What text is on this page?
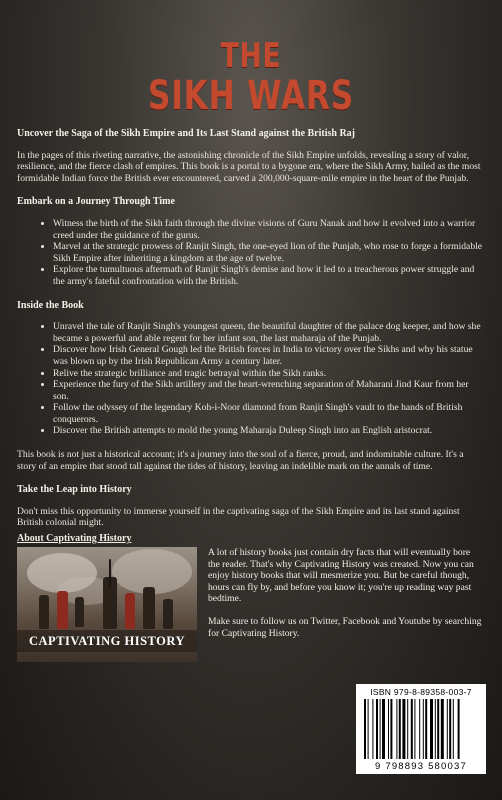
THE
SIKH WARS
Uncover the Saga of the Sikh Empire and Its Last Stand against the British Raj

In the pages of this riveting narrative, the astonishing chronicle of the Sikh Empire unfolds, revealing a story of valor, resilience, and the fierce clash of empires. This book is a portal to a bygone era, where the Sikh Army, hailed as the most formidable Indian force the British ever encountered, carved a 200,000-square-mile empire in the heart of the Punjab.

Embark on a Journey Through Time
• Witness the birth of the Sikh faith through the divine visions of Guru Nanak and how it evolved into a warrior creed under the guidance of the gurus.
• Marvel at the strategic prowess of Ranjit Singh, the one-eyed lion of the Punjab, who rose to forge a formidable Sikh Empire after inheriting a kingdom at the age of twelve.
• Explore the tumultuous aftermath of Ranjit Singh's demise and how it led to a treacherous power struggle and the army's fateful confrontation with the British.
Inside the Book
• Unravel the tale of Ranjit Singh's youngest queen, the beautiful daughter of the palace dog keeper, and how she became a powerful and able regent for her infant son, the last maharaja of the Punjab.
• Discover how Irish General Gough led the British forces in India to victory over the Sikhs and why his statue was blown up by the Irish Republican Army a century later.
• Relive the strategic brilliance and tragic betrayal within the Sikh ranks.
• Experience the fury of the Sikh artillery and the heart-wrenching separation of Maharani Jind Kaur from her son.
• Follow the odyssey of the legendary Koh-i-Noor diamond from Ranjit Singh's vault to the hands of British conquerors.
• Discover the British attempts to mold the young Maharaja Duleep Singh into an English aristocrat.

This book is not just a historical account; it's a journey into the soul of a fierce, proud, and indomitable culture. It's a story of an empire that stood tall against the tides of history, leaving an indelible mark on the annals of time.

Take the Leap into History

Don't miss this opportunity to immerse yourself in the captivating saga of the Sikh Empire and its last stand against British colonial might.

About Captivating History
CAPTIVATING HISTORY

A lot of history books just contain dry facts that will eventually bore the reader. That's why Captivating History was created. Now you can enjoy history books that will mesmerize you. But be careful though, hours can fly by, and before you know it; you're up reading way past bedtime.

Make sure to follow us on Twitter, Facebook and Youtube by searching for Captivating History.

ISBN 979-8-89358-003-7
9 798893 580037
